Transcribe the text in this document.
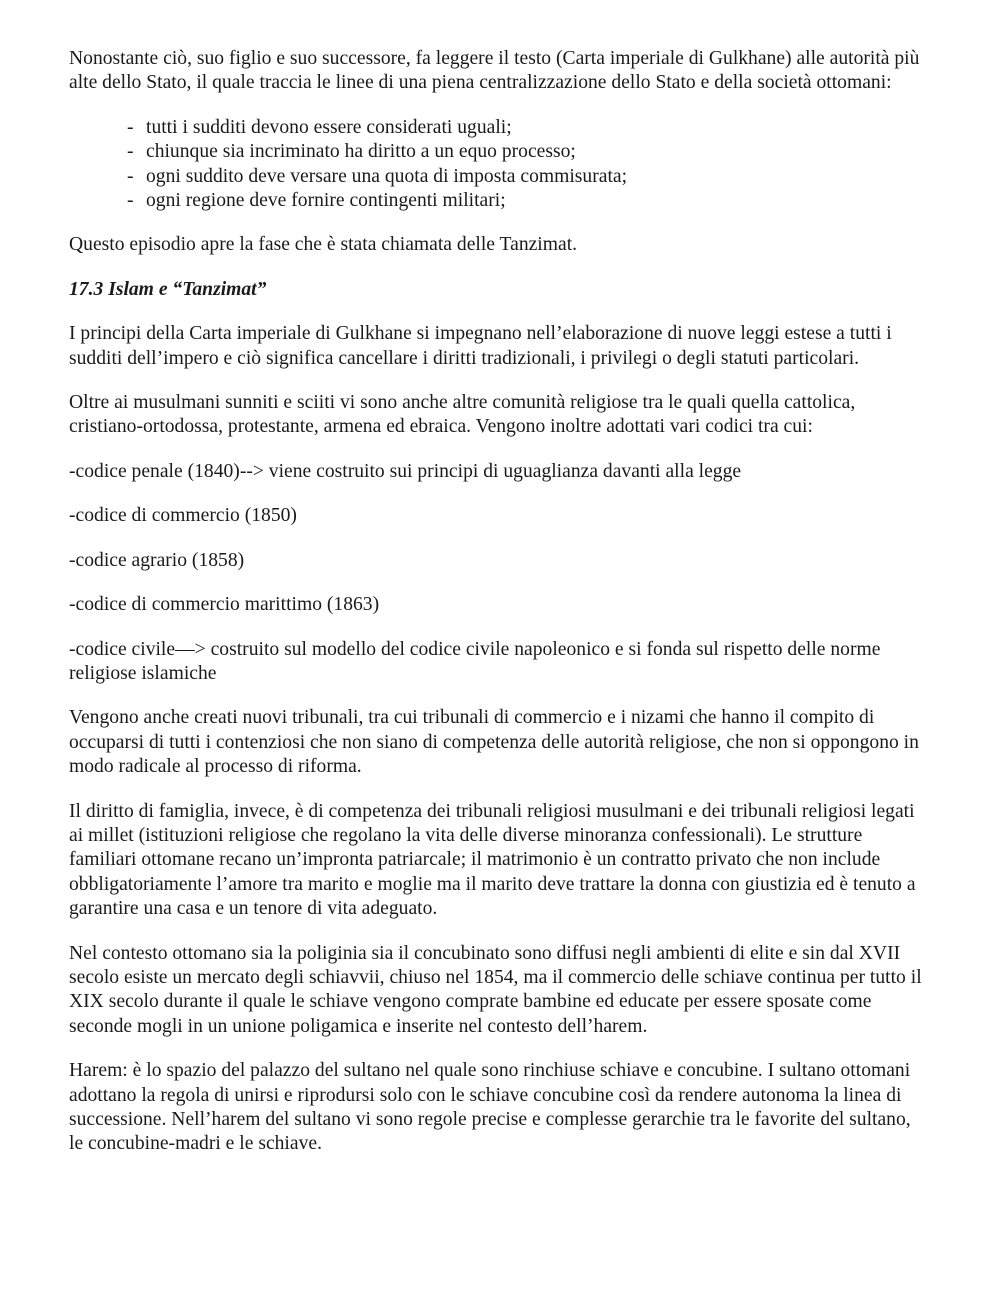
Nonostante ciò, suo figlio e suo successore, fa leggere il testo (Carta imperiale di Gulkhane) alle autorità più alte dello Stato, il quale traccia le linee di una piena centralizzazione dello Stato e della società ottomani:

- tutti i sudditi devono essere considerati uguali;
- chiunque sia incriminato ha diritto a un equo processo;
- ogni suddito deve versare una quota di imposta commisurata;
- ogni regione deve fornire contingenti militari;

Questo episodio apre la fase che è stata chiamata delle Tanzimat.

17.3 Islam e “Tanzimat”

I principi della Carta imperiale di Gulkhane si impegnano nell’elaborazione di nuove leggi estese a tutti i sudditi dell’impero e ciò significa cancellare i diritti tradizionali, i privilegi o degli statuti particolari.

Oltre ai musulmani sunniti e sciiti vi sono anche altre comunità religiose tra le quali quella cattolica, cristiano-ortodossa, protestante, armena ed ebraica. Vengono inoltre adottati vari codici tra cui:

-codice penale (1840)--> viene costruito sui principi di uguaglianza davanti alla legge

-codice di commercio (1850)

-codice agrario (1858)

-codice di commercio marittimo (1863)

-codice civile—> costruito sul modello del codice civile napoleonico e si fonda sul rispetto delle norme religiose islamiche

Vengono anche creati nuovi tribunali, tra cui tribunali di commercio e i nizami che hanno il compito di occuparsi di tutti i contenziosi che non siano di competenza delle autorità religiose, che non si oppongono in modo radicale al processo di riforma.

Il diritto di famiglia, invece, è di competenza dei tribunali religiosi musulmani e dei tribunali religiosi legati ai millet (istituzioni religiose che regolano la vita delle diverse minoranza confessionali). Le strutture familiari ottomane recano un’impronta patriarcale; il matrimonio è un contratto privato che non include obbligatoriamente l’amore tra marito e moglie ma il marito deve trattare la donna con giustizia ed è tenuto a garantire una casa e un tenore di vita adeguato.

Nel contesto ottomano sia la poliginia sia il concubinato sono diffusi negli ambienti di elite e sin dal XVII secolo esiste un mercato degli schiavvii, chiuso nel 1854, ma il commercio delle schiave continua per tutto il XIX secolo durante il quale le schiave vengono comprate bambine ed educate per essere sposate come seconde mogli in un unione poligamica e inserite nel contesto dell’harem.

Harem: è lo spazio del palazzo del sultano nel quale sono rinchiuse schiave e concubine. I sultano ottomani adottano la regola di unirsi e riprodursi solo con le schiave concubine così da rendere autonoma la linea di successione. Nell’harem del sultano vi sono regole precise e complesse gerarchie tra le favorite del sultano, le concubine-madri e le schiave.
